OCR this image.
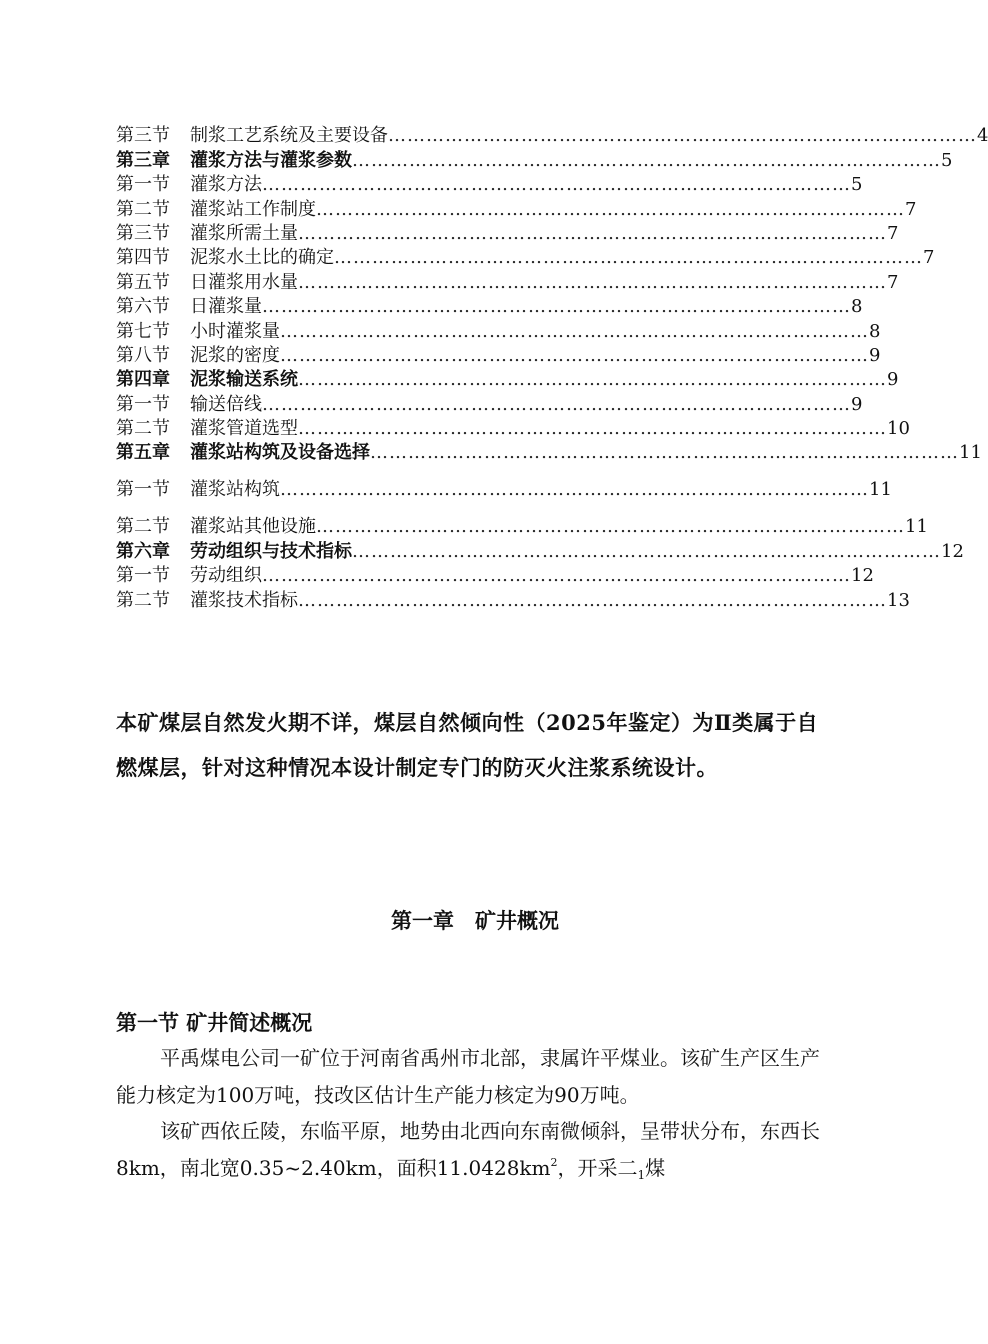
第三节	制浆工艺系统及主要设备 ………………………………………………………………………………… 4
第三章	灌浆方法与灌浆参数 ………………………………………………………………………………… 5
第一节	灌浆方法 ………………………………………………………………………………… 5
第二节	灌浆站工作制度 ………………………………………………………………………………… 7
第三节	灌浆所需土量 ………………………………………………………………………………… 7
第四节	泥浆水土比的确定 ………………………………………………………………………………… 7
第五节	日灌浆用水量 ………………………………………………………………………………… 7
第六节	日灌浆量 ………………………………………………………………………………… 8
第七节	小时灌浆量 ………………………………………………………………………………… 8
第八节	泥浆的密度 ………………………………………………………………………………… 9
第四章	泥浆输送系统 ………………………………………………………………………………… 9
第一节	输送倍线 ………………………………………………………………………………… 9
第二节	灌浆管道选型 ………………………………………………………………………………… 10
第五章	灌浆站构筑及设备选择 ………………………………………………………………………………… 11
第一节	灌浆站构筑 ………………………………………………………………………………… 11
第二节	灌浆站其他设施 ………………………………………………………………………………… 11
第六章	劳动组织与技术指标 ………………………………………………………………………………… 12
第一节	劳动组织 ………………………………………………………………………………… 12
第二节	灌浆技术指标 ………………………………………………………………………………… 13
本矿煤层自然发火期不详，煤层自然倾向性（2025年鉴定）为Ⅱ类属于自燃煤层，针对这种情况本设计制定专门的防灭火注浆系统设计。
第一章　矿井概况
第一节 矿井简述概况

平禹煤电公司一矿位于河南省禹州市北部，隶属许平煤业。该矿生产区生产能力核定为100万吨，技改区估计生产能力核定为90万吨。

该矿西依丘陵，东临平原，地势由北西向东南微倾斜，呈带状分布，东西长8km，南北宽0.35~2.40km，面积$11.0428km^2$，开采二$_1$煤
